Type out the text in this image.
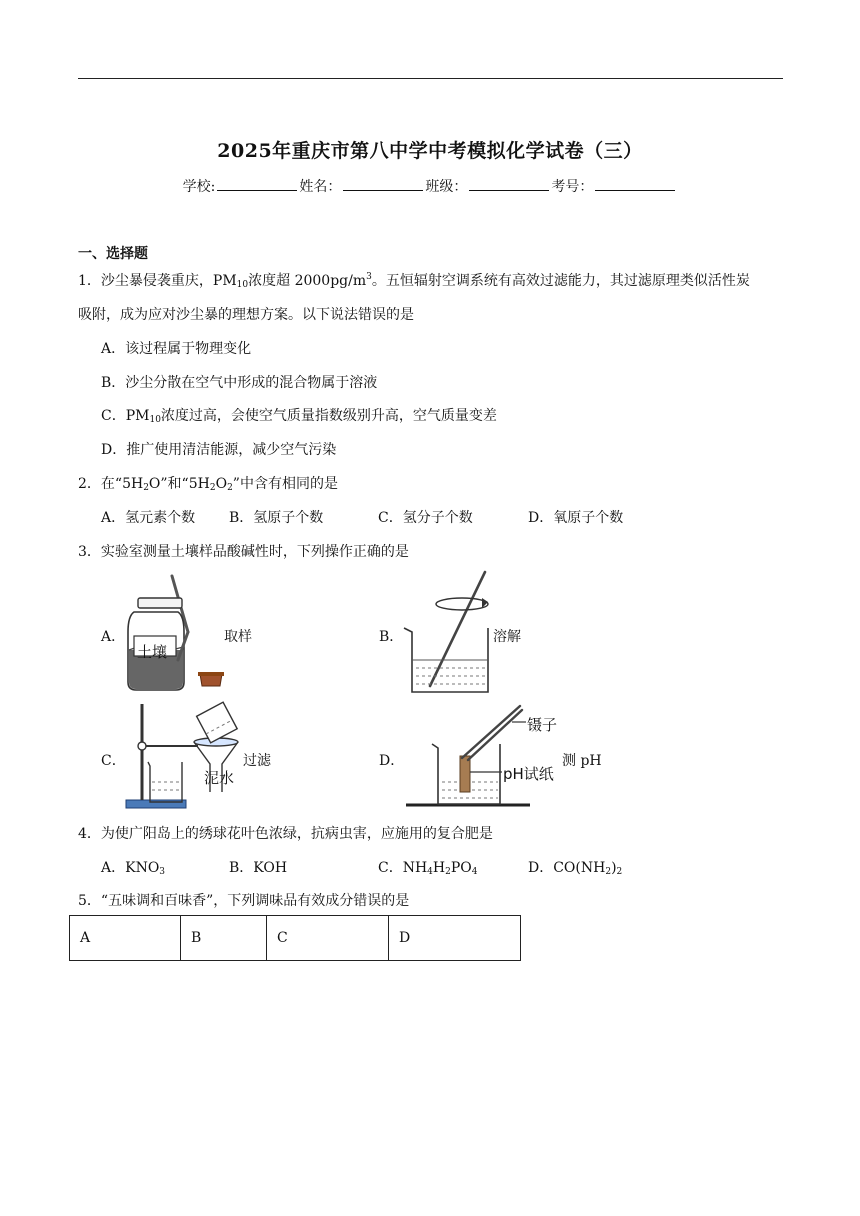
2025年重庆市第八中学中考模拟化学试卷（三）
学校:	姓名：	班级：	考号：
一、选择题
1．沙尘暴侵袭重庆，$PM_{10}$浓度超 $2000pg/m^3$。五恒辐射空调系统有高效过滤能力，其过滤原理类似活性炭
吸附，成为应对沙尘暴的理想方案。以下说法错误的是
A．该过程属于物理变化
B．沙尘分散在空气中形成的混合物属于溶液
C．$PM_{10}$浓度过高，会使空气质量指数级别升高，空气质量变差
D．推广使用清洁能源，减少空气污染
2．在“$5H_2O$”和“$5H_2O_2$”中含有相同的是
A．氢元素个数 B．氢原子个数	C．氢分子个数	D．氧原子个数
3．实验室测量土壤样品酸碱性时，下列操作正确的是
A．	取样	B．	溶解
C．	过滤	D．	测 pH
土壤
泥水
镊子
pH试纸
4．为使广阳岛上的绣球花叶色浓绿，抗病虫害，应施用的复合肥是
A．$KNO_3$	B．KOH	C．$NH_4H_2PO_4$	D．$CO(NH_2)_2$
5．“五味调和百味香”，下列调味品有效成分错误的是
A	B	C	D
